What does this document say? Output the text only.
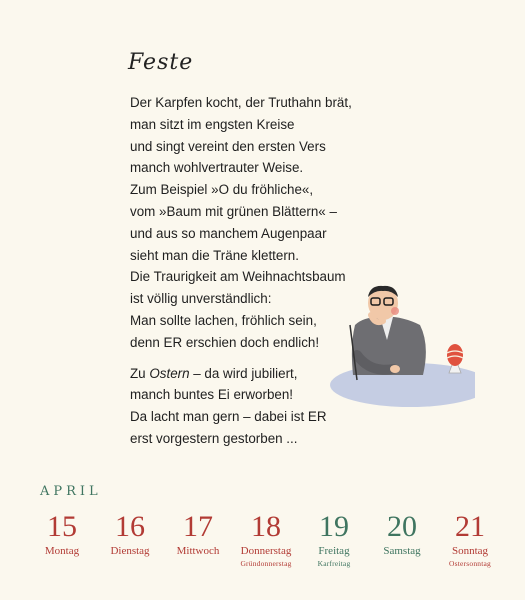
Feste
Der Karpfen kocht, der Truthahn brät,
man sitzt im engsten Kreise
und singt vereint den ersten Vers
manch wohlvertrauter Weise.
Zum Beispiel »O du fröhliche«,
vom »Baum mit grünen Blättern« –
und aus so manchem Augenpaar
sieht man die Träne klettern.
Die Traurigkeit am Weihnachtsbaum
ist völlig unverständlich:
Man sollte lachen, fröhlich sein,
denn ER erschien doch endlich!
Zu Ostern – da wird jubiliert,
manch buntes Ei erworben!
Da lacht man gern – dabei ist ER
erst vorgestern gestorben ...
APRIL
15
Montag
16
Dienstag
17
Mittwoch
18
Donnerstag
Gründonnerstag
19
Freitag
Karfreitag
20
Samstag
21
Sonntag
Ostersonntag
